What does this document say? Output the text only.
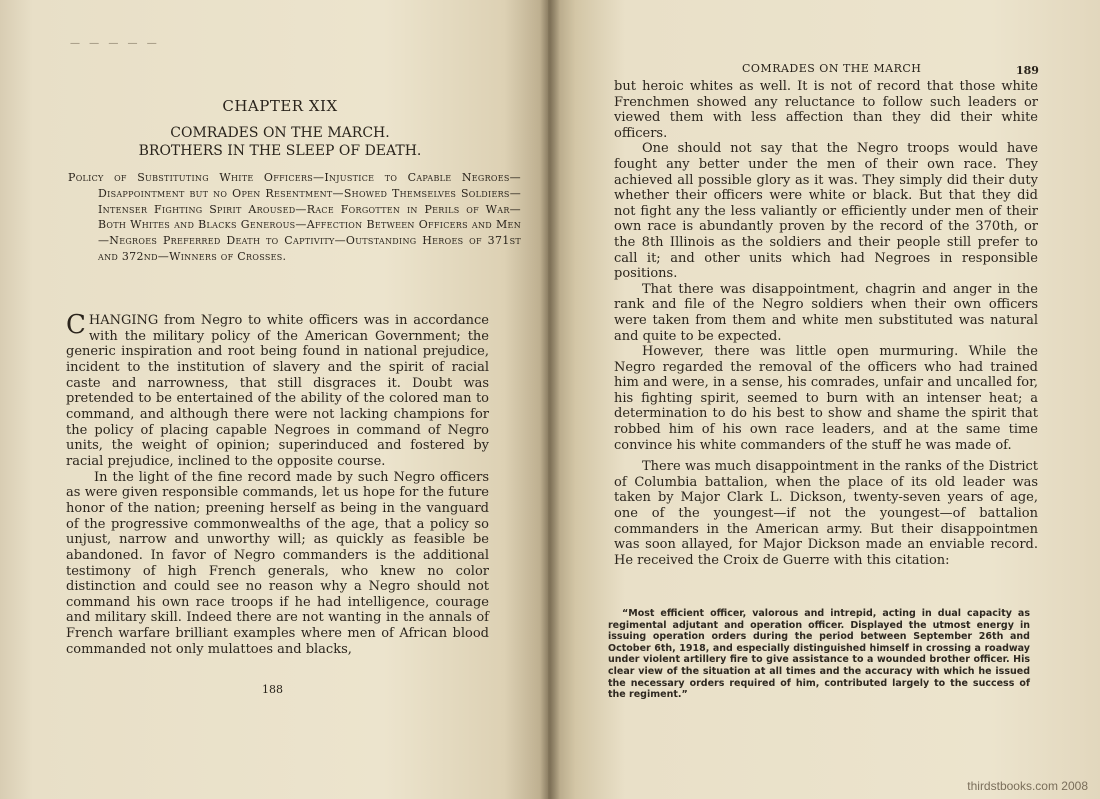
— — — — —
CHAPTER XIX
COMRADES ON THE MARCH.
BROTHERS IN THE SLEEP OF DEATH.
Policy of Substituting White Officers—Injustice to Capable Negroes—Disappointment but no Open Resentment—Showed Themselves Soldiers—Intenser Fighting Spirit Aroused—Race Forgotten in Perils of War—Both Whites and Blacks Generous—Affection Between Officers and Men—Negroes Preferred Death to Captivity—Outstanding Heroes of 371st and 372nd—Winners of Crosses.

CHANGING from Negro to white officers was in accordance with the military policy of the American Government; the generic inspiration and root being found in national prejudice, incident to the institution of slavery and the spirit of racial caste and narrowness, that still disgraces it. Doubt was pretended to be entertained of the ability of the colored man to command, and although there were not lacking champions for the policy of placing capable Negroes in command of Negro units, the weight of opinion; superinduced and fostered by racial prejudice, inclined to the opposite course.

In the light of the fine record made by such Negro officers as were given responsible commands, let us hope for the future honor of the nation; preening herself as being in the vanguard of the progressive commonwealths of the age, that a policy so unjust, narrow and unworthy will; as quickly as feasible be abandoned. In favor of Negro commanders is the additional testimony of high French generals, who knew no color distinction and could see no reason why a Negro should not command his own race troops if he had intelligence, courage and military skill. Indeed there are not wanting in the annals of French warfare brilliant examples where men of African blood commanded not only mulattoes and blacks,

188
COMRADES ON THE MARCH	189

but heroic whites as well. It is not of record that those white Frenchmen showed any reluctance to follow such leaders or viewed them with less affection than they did their white officers.

One should not say that the Negro troops would have fought any better under the men of their own race. They achieved all possible glory as it was. They simply did their duty whether their officers were white or black. But that they did not fight any the less valiantly or efficiently under men of their own race is abundantly proven by the record of the 370th, or the 8th Illinois as the soldiers and their people still prefer to call it; and other units which had Negroes in responsible positions.

That there was disappointment, chagrin and anger in the rank and file of the Negro soldiers when their own officers were taken from them and white men substituted was natural and quite to be expected.

However, there was little open murmuring. While the Negro regarded the removal of the officers who had trained him and were, in a sense, his comrades, unfair and uncalled for, his fighting spirit, seemed to burn with an intenser heat; a determination to do his best to show and shame the spirit that robbed him of his own race leaders, and at the same time convince his white commanders of the stuff he was made of.

There was much disappointment in the ranks of the District of Columbia battalion, when the place of its old leader was taken by Major Clark L. Dickson, twenty-seven years of age, one of the youngest—if not the youngest—of battalion commanders in the American army. But their disappointmen was soon allayed, for Major Dickson made an enviable record. He received the Croix de Guerre with this citation:

“Most efficient officer, valorous and intrepid, acting in dual capacity as regimental adjutant and operation officer. Displayed the utmost energy in issuing operation orders during the period between September 26th and October 6th, 1918, and especially distinguished himself in crossing a roadway under violent artillery fire to give assistance to a wounded brother officer. His clear view of the situation at all times and the accuracy with which he issued the necessary orders required of him, contributed largely to the success of the regiment.”
thirdstbooks.com 2008
